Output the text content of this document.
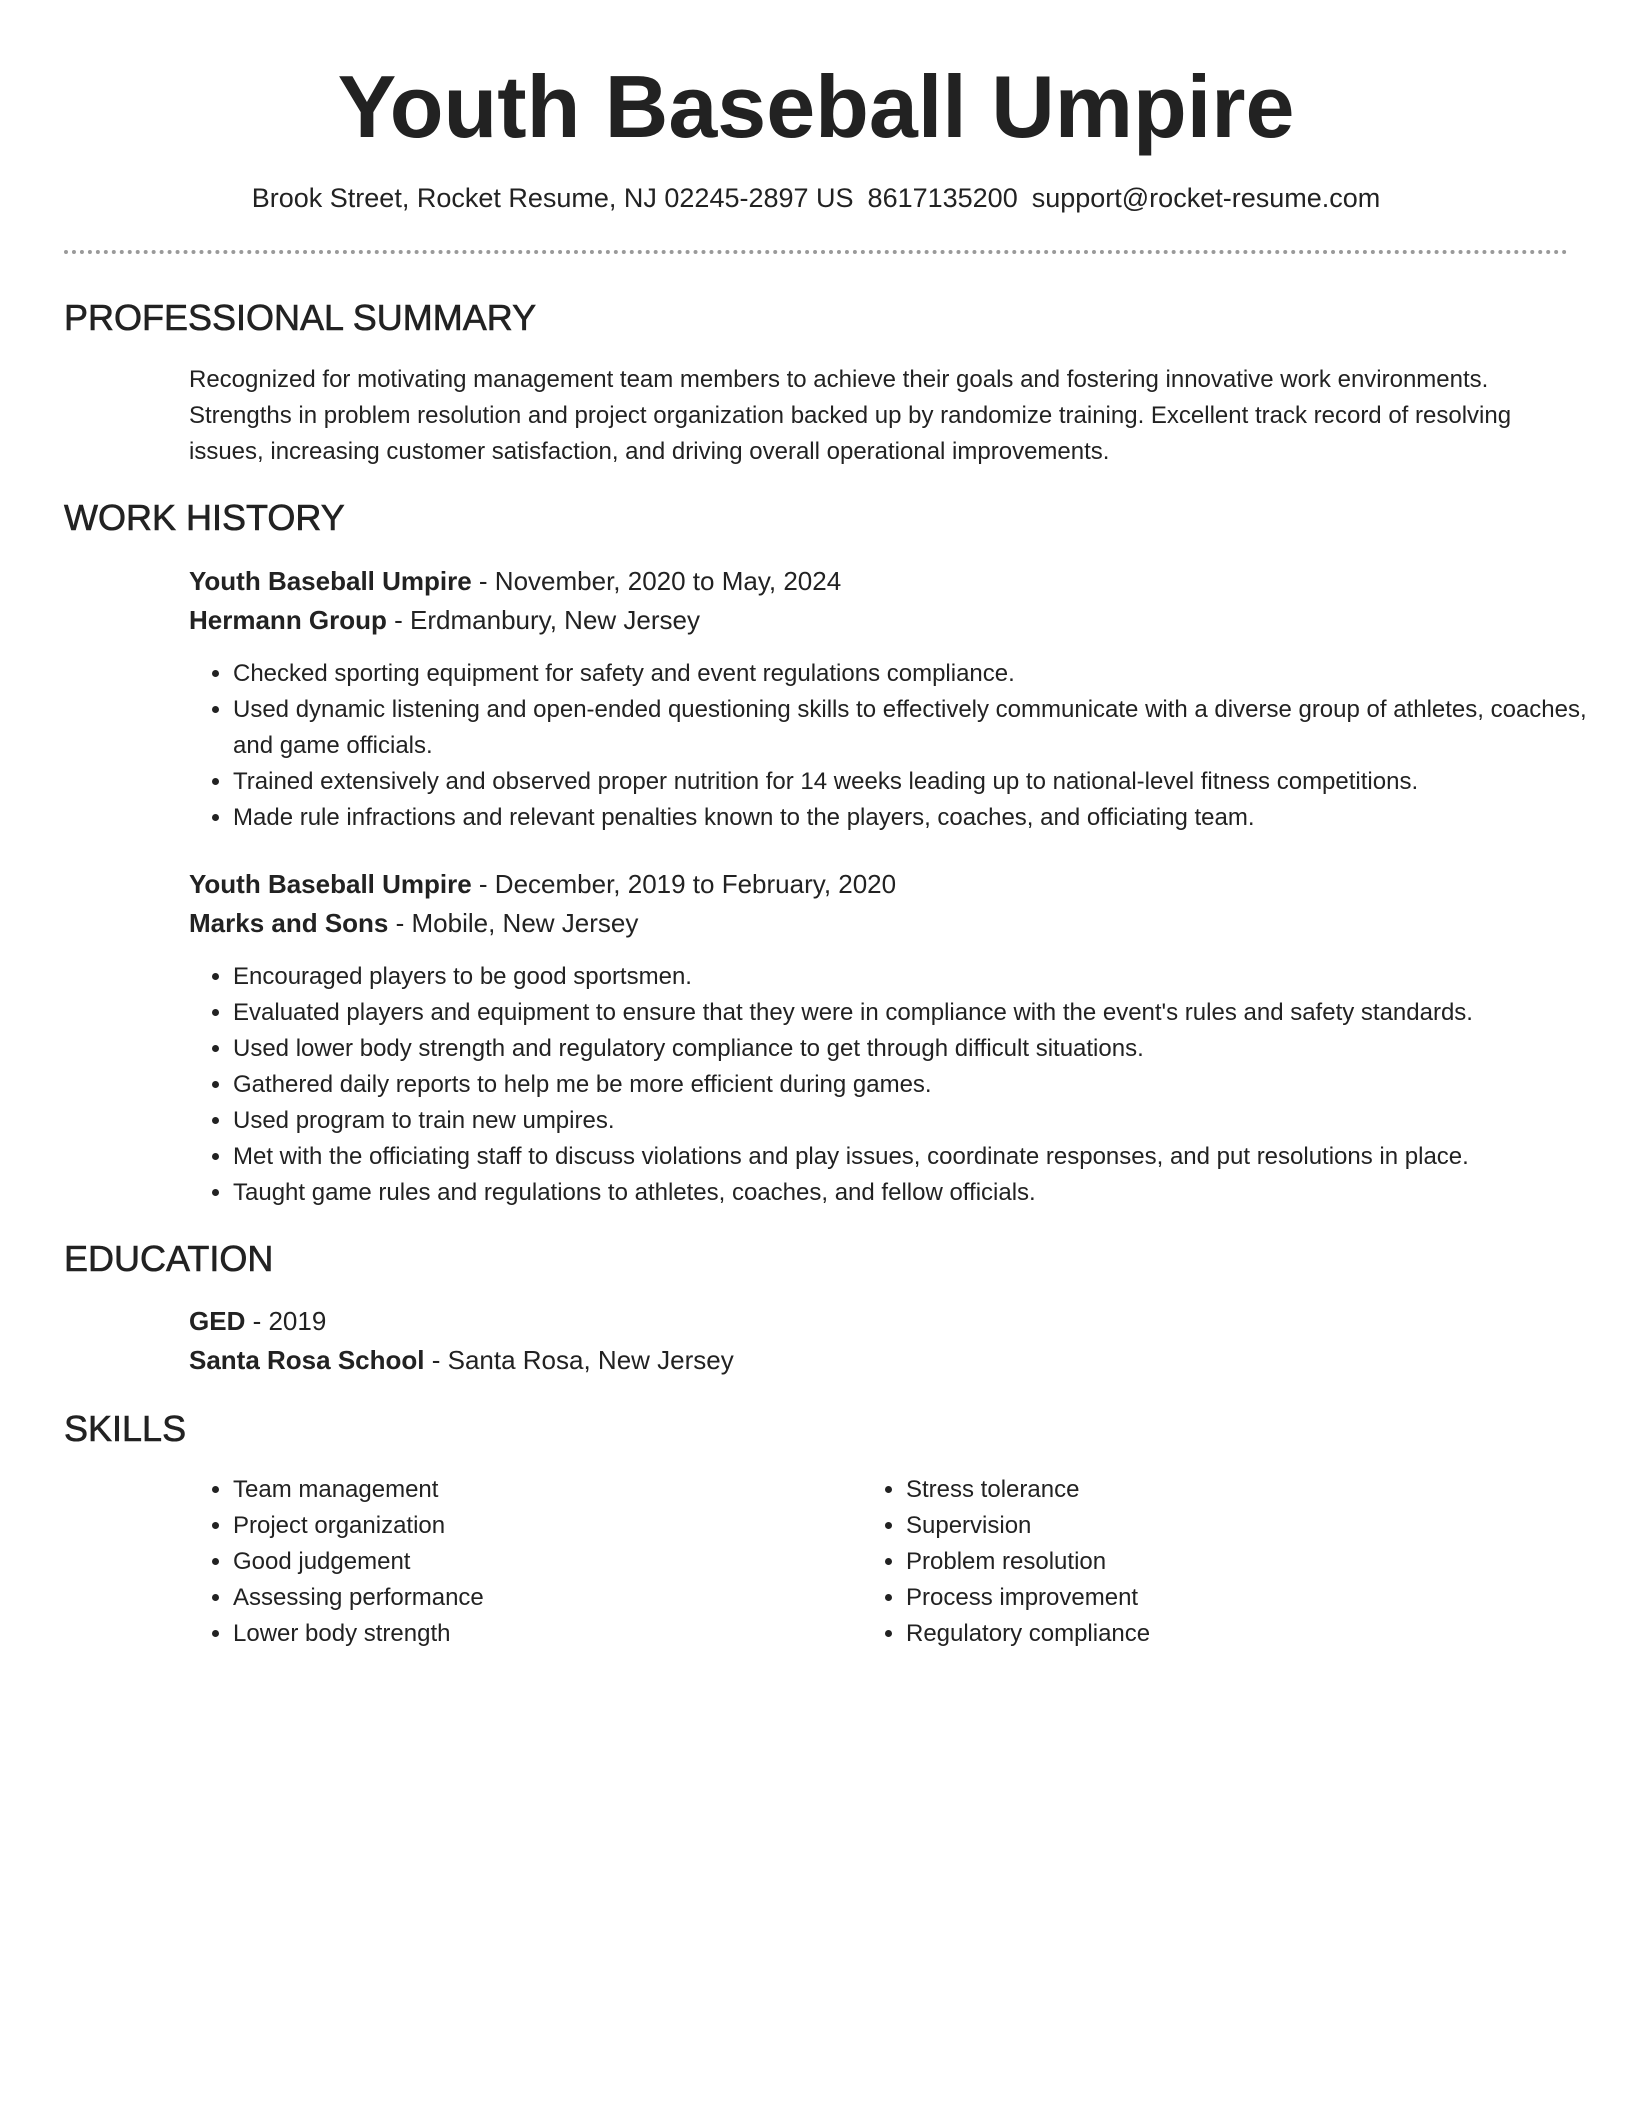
Youth Baseball Umpire
Brook Street, Rocket Resume, NJ 02245-2897 US 8617135200 support@rocket-resume.com
PROFESSIONAL SUMMARY
Recognized for motivating management team members to achieve their goals and fostering innovative work environments. Strengths in problem resolution and project organization backed up by randomize training. Excellent track record of resolving issues, increasing customer satisfaction, and driving overall operational improvements.
WORK HISTORY
Youth Baseball Umpire - November, 2020 to May, 2024
Hermann Group - Erdmanbury, New Jersey
• Checked sporting equipment for safety and event regulations compliance.
• Used dynamic listening and open-ended questioning skills to effectively communicate with a diverse group of athletes, coaches, and game officials.
• Trained extensively and observed proper nutrition for 14 weeks leading up to national-level fitness competitions.
• Made rule infractions and relevant penalties known to the players, coaches, and officiating team.
Youth Baseball Umpire - December, 2019 to February, 2020
Marks and Sons - Mobile, New Jersey
• Encouraged players to be good sportsmen.
• Evaluated players and equipment to ensure that they were in compliance with the event's rules and safety standards.
• Used lower body strength and regulatory compliance to get through difficult situations.
• Gathered daily reports to help me be more efficient during games.
• Used program to train new umpires.
• Met with the officiating staff to discuss violations and play issues, coordinate responses, and put resolutions in place.
• Taught game rules and regulations to athletes, coaches, and fellow officials.
EDUCATION
GED - 2019
Santa Rosa School - Santa Rosa, New Jersey
SKILLS
• Team management
• Project organization
• Good judgement
• Assessing performance
• Lower body strength
• Stress tolerance
• Supervision
• Problem resolution
• Process improvement
• Regulatory compliance
